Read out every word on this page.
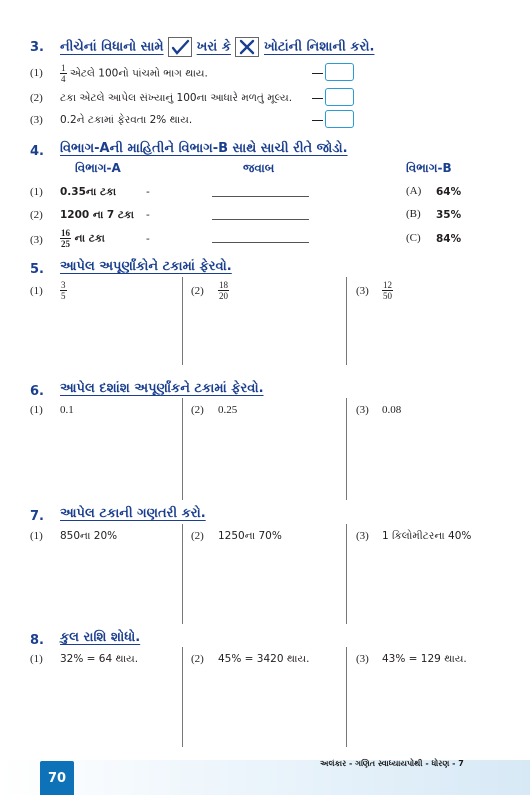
3. નીચેનાં વિધાનો સામે	ખરાં કે	ખોટાંની નિશાની કરો.
$(1) \frac{1}{4}$ એટલે 100નો પાંચમો ભાગ થાય.
(2) ટકા એટલે આપેલ સંખ્યાનું 100ના આધારે મળતું મૂલ્ય.
(3) 0.2ને ટકામાં ફેરવતા 2% થાય.
4. વિભાગ-Aની માહિતીને વિભાગ-B સાથે સાચી રીતે જોડો.
વિભાગ-A	જવાબ	વિભાગ-B
(1) 0.35ના ટકા	-	(A) 64%
(2) 1200 ના 7 ટકા -	(B) 35%
$(3) \frac{16}{25}$ ના ટકા	-	(C) 84%
5. આપેલ અપૂર્ણાંકોને ટકામાં ફેરવો.
$(1) \frac{3}{5}$	$(2) \frac{18}{20}$	$(3) \frac{12}{50}$
6. આપેલ દશાંશ અપૂર્ણાંકને ટકામાં ફેરવો.
(1) 0.1	(2) 0.25	(3) 0.08
7. આપેલ ટકાની ગણતરી કરો.
(1) 850ના 20%	(2) 1250ના 70%	(3) 1 કિલોમીટરના 40%
8. કુલ રાશિ શોધો.
(1) 32% = 64 થાય.	(2) 45% = 3420 થાય.	(3) 43% = 129 થાય.
70
અલંકાર - ગણિત સ્વાધ્યાયપોથી - ધોરણ - 7
